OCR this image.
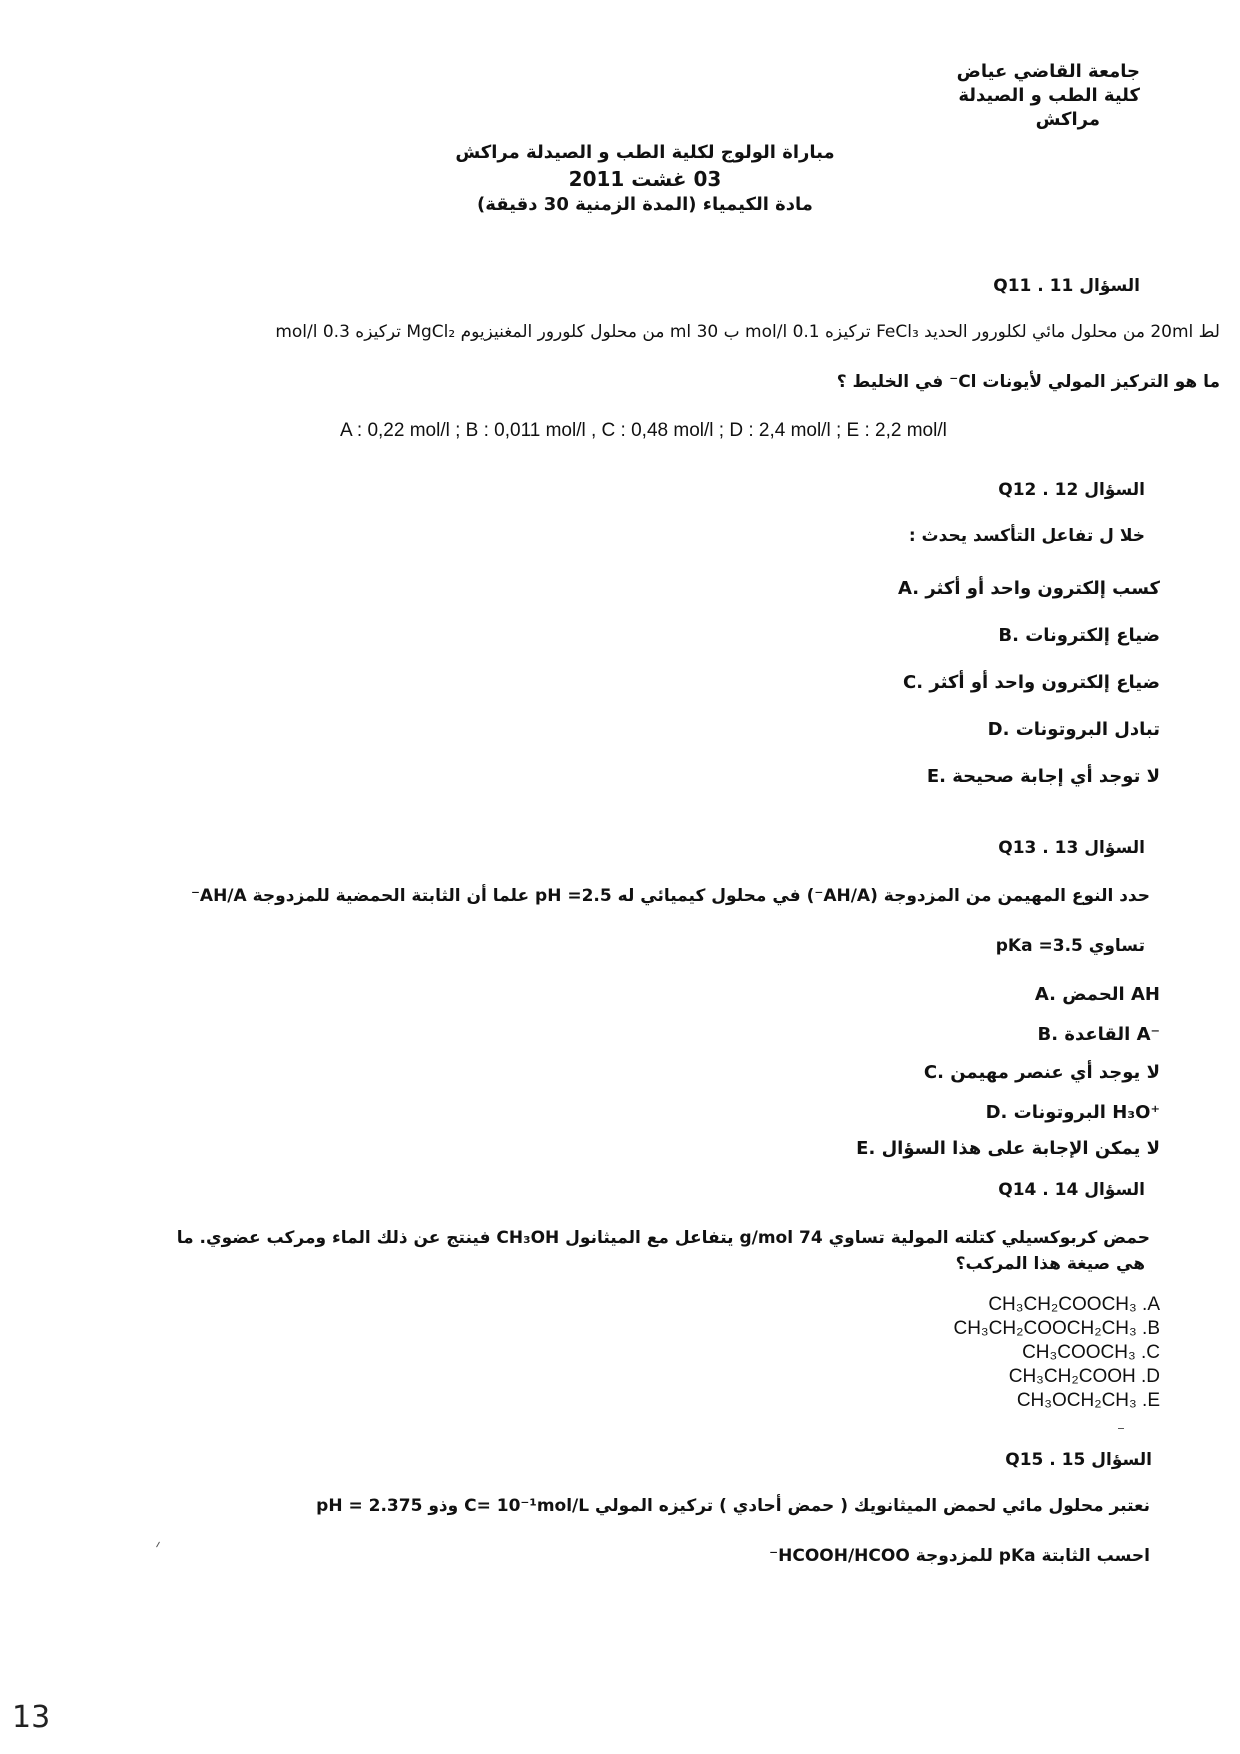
جامعة القاضي عياض
كلية الطب و الصيدلة
مراكش
مباراة الولوج لكلية الطب و الصيدلة مراكش
03 غشت 2011
مادة الكيمياء (المدة الزمنية 30 دقيقة)
السؤال 11 . Q11
لط 20ml من محلول مائي لكلورور الحديد FeCl₃ تركيزه 0.1 mol/l ب 30 ml من محلول كلورور المغنيزيوم MgCl₂ تركيزه 0.3 mol/l
ما هو التركيز المولي لأيونات Cl⁻ في الخليط ؟
A : 0,22 mol/l ; B : 0,011 mol/l , C : 0,48 mol/l ; D : 2,4 mol/l ; E : 2,2 mol/l
السؤال 12 . Q12
خلا ل تفاعل التأكسد يحدث :
A. كسب إلكترون واحد أو أكثر
B. ضياع إلكترونات
C. ضياع إلكترون واحد أو أكثر
D. تبادل البروتونات
E. لا توجد أي إجابة صحيحة
السؤال 13 . Q13
حدد النوع المهيمن من المزدوجة (AH/A⁻) في محلول كيميائي له pH =2.5 علما أن الثابتة الحمضية للمزدوجة AH/A⁻
تساوي pKa =3.5
A. الحمض AH
B. القاعدة A⁻
C. لا يوجد أي عنصر مهيمن
D. البروتونات H₃O⁺
E. لا يمكن الإجابة على هذا السؤال
السؤال 14 . Q14
حمض كربوكسيلي كتلته المولية تساوي 74 g/mol يتفاعل مع الميثانول CH₃OH فينتج عن ذلك الماء ومركب عضوي. ما
هي صيغة هذا المركب؟
CH₃CH₂COOCH₃ .A
CH₃CH₂COOCH₂CH₃ .B
CH₃COOCH₃ .C
CH₃CH₂COOH .D
CH₃OCH₂CH₃ .E
السؤال 15 . Q15
نعتبر محلول مائي لحمض الميثانويك ( حمض أحادي ) تركيزه المولي C= 10⁻¹mol/L وذو pH = 2.375
احسب الثابتة pKa للمزدوجة HCOOH/HCOO⁻
13
